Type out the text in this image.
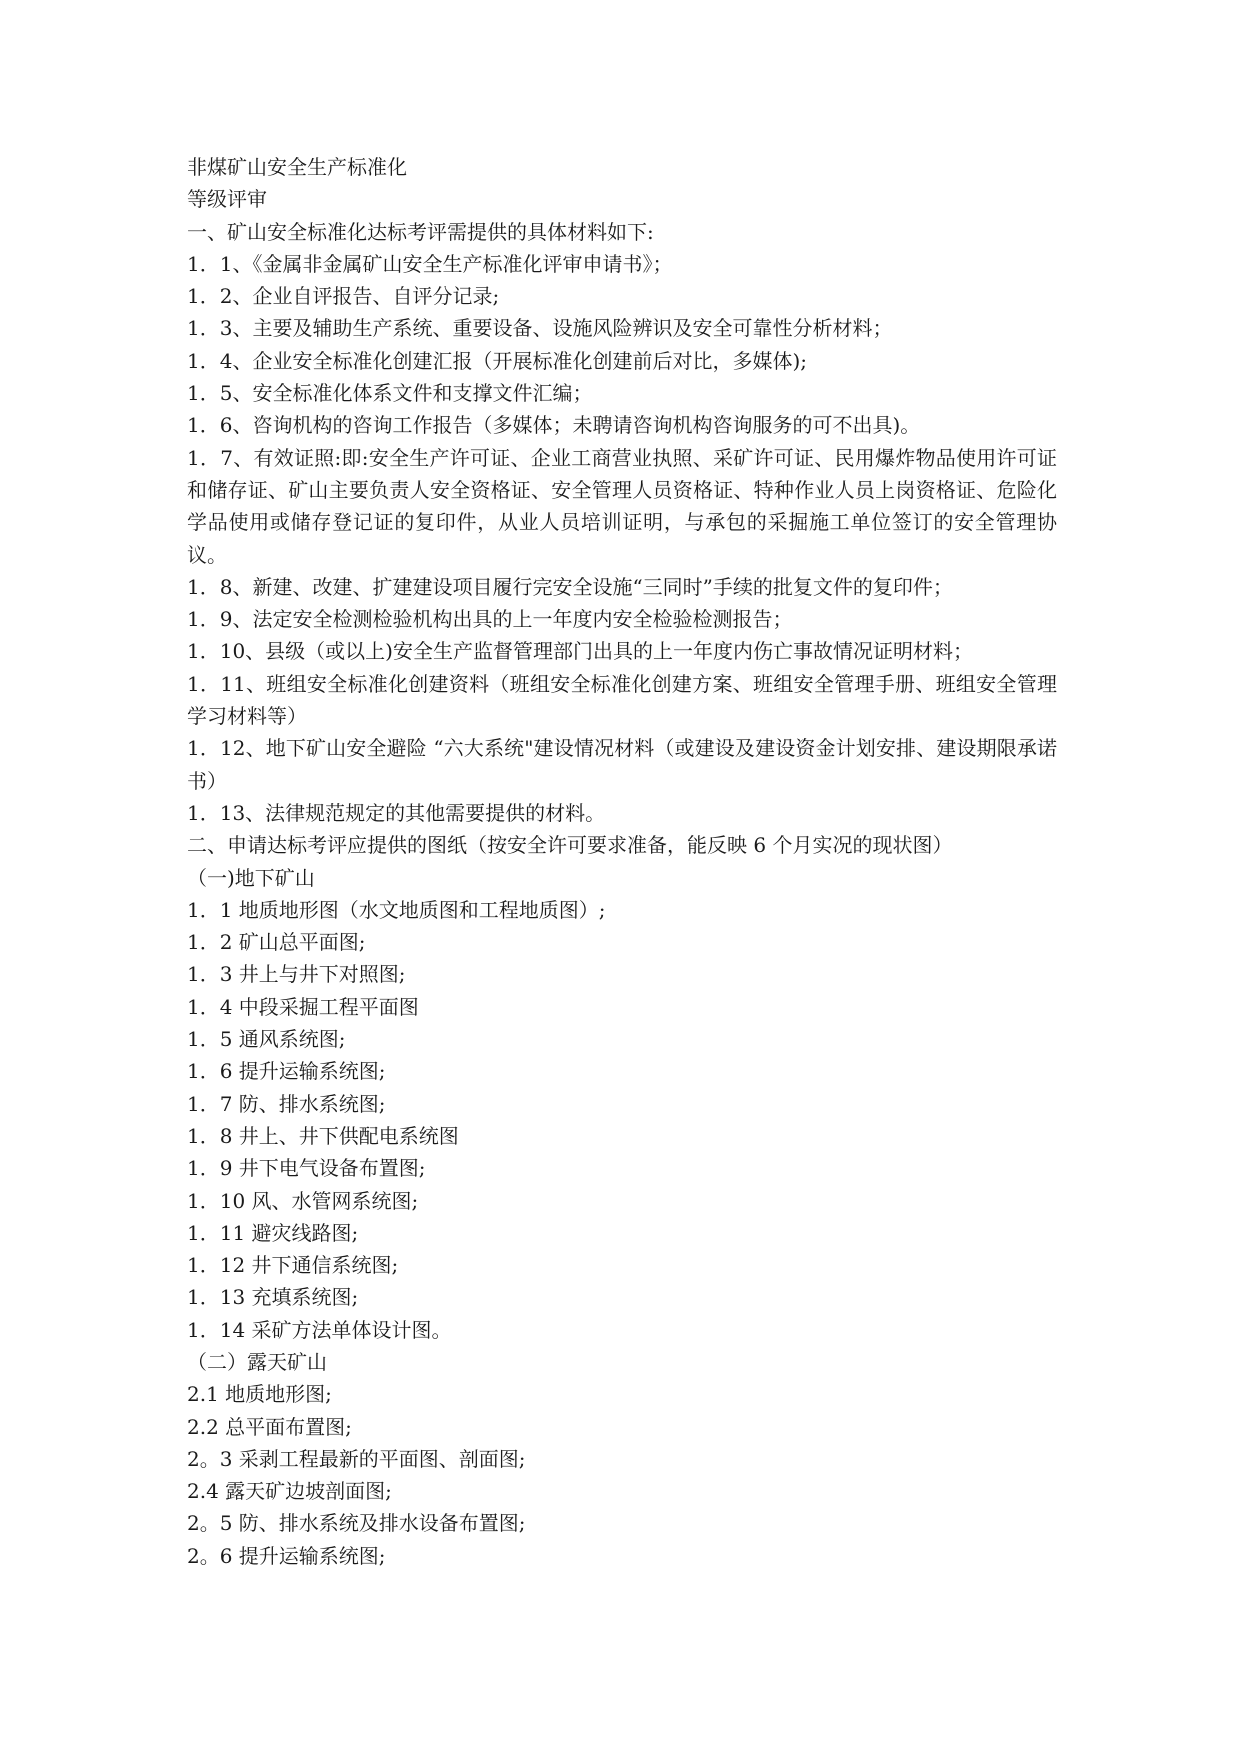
非煤矿山安全生产标准化

等级评审

一、矿山安全标准化达标考评需提供的具体材料如下:

1．1、《金属非金属矿山安全生产标准化评审申请书》；

1．2、企业自评报告、自评分记录;

1．3、主要及辅助生产系统、重要设备、设施风险辨识及安全可靠性分析材料；

1．4、企业安全标准化创建汇报（开展标准化创建前后对比，多媒体);

1．5、安全标准化体系文件和支撑文件汇编；

1．6、咨询机构的咨询工作报告（多媒体；未聘请咨询机构咨询服务的可不出具)。

1．7、有效证照:即:安全生产许可证、企业工商营业执照、采矿许可证、民用爆炸物品使用许可证和储存证、矿山主要负责人安全资格证、安全管理人员资格证、特种作业人员上岗资格证、危险化学品使用或储存登记证的复印件，从业人员培训证明，与承包的采掘施工单位签订的安全管理协议。

1．8、新建、改建、扩建建设项目履行完安全设施“三同时”手续的批复文件的复印件；

1．9、法定安全检测检验机构出具的上一年度内安全检验检测报告；

1．10、县级（或以上)安全生产监督管理部门出具的上一年度内伤亡事故情况证明材料；

1．11、班组安全标准化创建资料（班组安全标准化创建方案、班组安全管理手册、班组安全管理学习材料等）

1．12、地下矿山安全避险 “六大系统"建设情况材料（或建设及建设资金计划安排、建设期限承诺书）

1．13、法律规范规定的其他需要提供的材料。

二、申请达标考评应提供的图纸（按安全许可要求准备，能反映 6 个月实况的现状图）

（一)地下矿山

1．1 地质地形图（水文地质图和工程地质图）;

1．2 矿山总平面图;

1．3 井上与井下对照图;

1．4 中段采掘工程平面图

1．5 通风系统图;

1．6 提升运输系统图;

1．7 防、排水系统图;

1．8 井上、井下供配电系统图

1．9 井下电气设备布置图;

1．10 风、水管网系统图;

1．11 避灾线路图;

1．12 井下通信系统图;

1．13 充填系统图;

1．14 采矿方法单体设计图。

（二）露天矿山

2.1 地质地形图;

2.2 总平面布置图;

2。3 采剥工程最新的平面图、剖面图;

2.4 露天矿边坡剖面图;

2。5 防、排水系统及排水设备布置图;

2。6 提升运输系统图;
